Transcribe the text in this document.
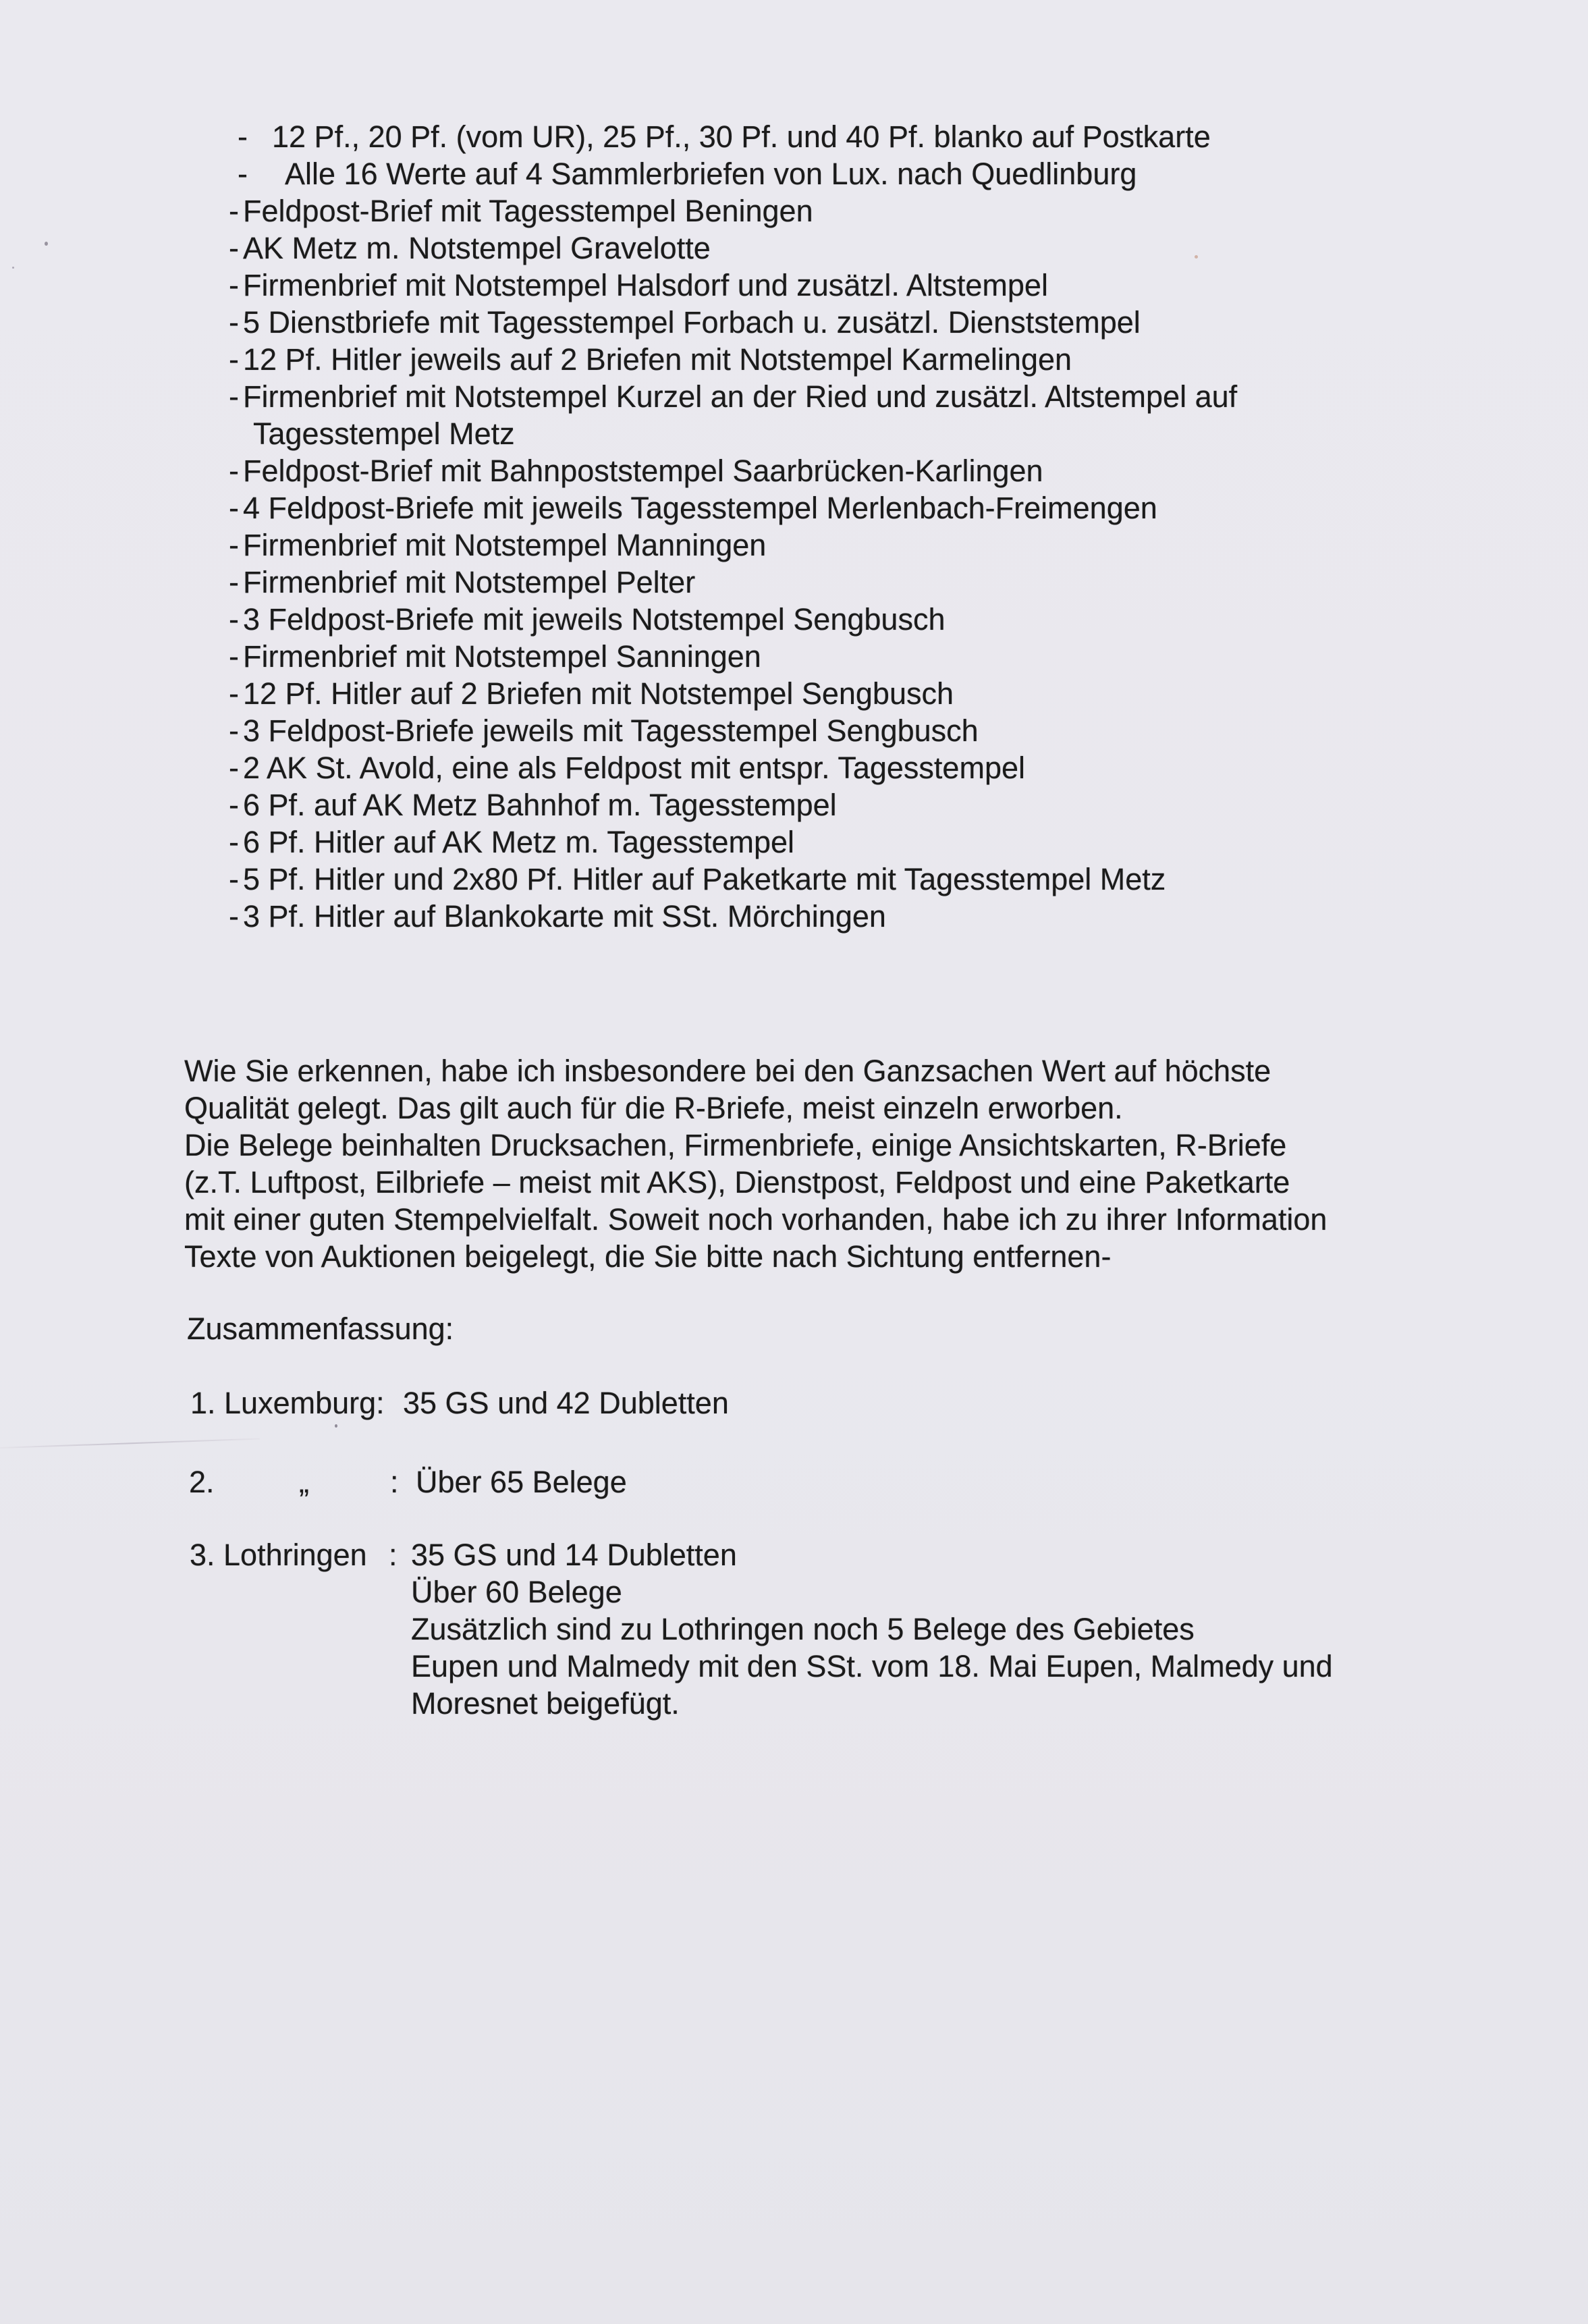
- 12 Pf., 20 Pf. (vom UR), 25 Pf., 30 Pf. und 40 Pf. blanko auf Postkarte
-	Alle 16 Werte auf 4 Sammlerbriefen von Lux. nach Quedlinburg
- Feldpost-Brief mit Tagesstempel Beningen
- AK Metz m. Notstempel Gravelotte
- Firmenbrief mit Notstempel Halsdorf und zusätzl. Altstempel
- 5 Dienstbriefe mit Tagesstempel Forbach u. zusätzl. Dienststempel
- 12 Pf. Hitler jeweils auf 2 Briefen mit Notstempel Karmelingen
- Firmenbrief mit Notstempel Kurzel an der Ried und zusätzl. Altstempel auf
Tagesstempel Metz
- Feldpost-Brief mit Bahnpoststempel Saarbrücken-Karlingen
- 4 Feldpost-Briefe mit jeweils Tagesstempel Merlenbach-Freimengen
- Firmenbrief mit Notstempel Manningen
- Firmenbrief mit Notstempel Pelter
- 3 Feldpost-Briefe mit jeweils Notstempel Sengbusch
- Firmenbrief mit Notstempel Sanningen
- 12 Pf. Hitler auf 2 Briefen mit Notstempel Sengbusch
- 3 Feldpost-Briefe jeweils mit Tagesstempel Sengbusch
- 2 AK St. Avold, eine als Feldpost mit entspr. Tagesstempel
- 6 Pf. auf AK Metz Bahnhof m. Tagesstempel
- 6 Pf. Hitler auf AK Metz m. Tagesstempel
- 5 Pf. Hitler und 2x80 Pf. Hitler auf Paketkarte mit Tagesstempel Metz
- 3 Pf. Hitler auf Blankokarte mit SSt. Mörchingen
Wie Sie erkennen, habe ich insbesondere bei den Ganzsachen Wert auf höchste
Qualität gelegt. Das gilt auch für die R-Briefe, meist einzeln erworben.
Die Belege beinhalten Drucksachen, Firmenbriefe, einige Ansichtskarten, R-Briefe
(z.T. Luftpost, Eilbriefe – meist mit AKS), Dienstpost, Feldpost und eine Paketkarte
mit einer guten Stempelvielfalt. Soweit noch vorhanden, habe ich zu ihrer Information
Texte von Auktionen beigelegt, die Sie bitte nach Sichtung entfernen-
Zusammenfassung:
1. Luxemburg: 35 GS und 42 Dubletten
2.	„	: Über 65 Belege
3. Lothringen : 35 GS und 14 Dubletten
Über 60 Belege
Zusätzlich sind zu Lothringen noch 5 Belege des Gebietes
Eupen und Malmedy mit den SSt. vom 18. Mai Eupen, Malmedy und
Moresnet beigefügt.
